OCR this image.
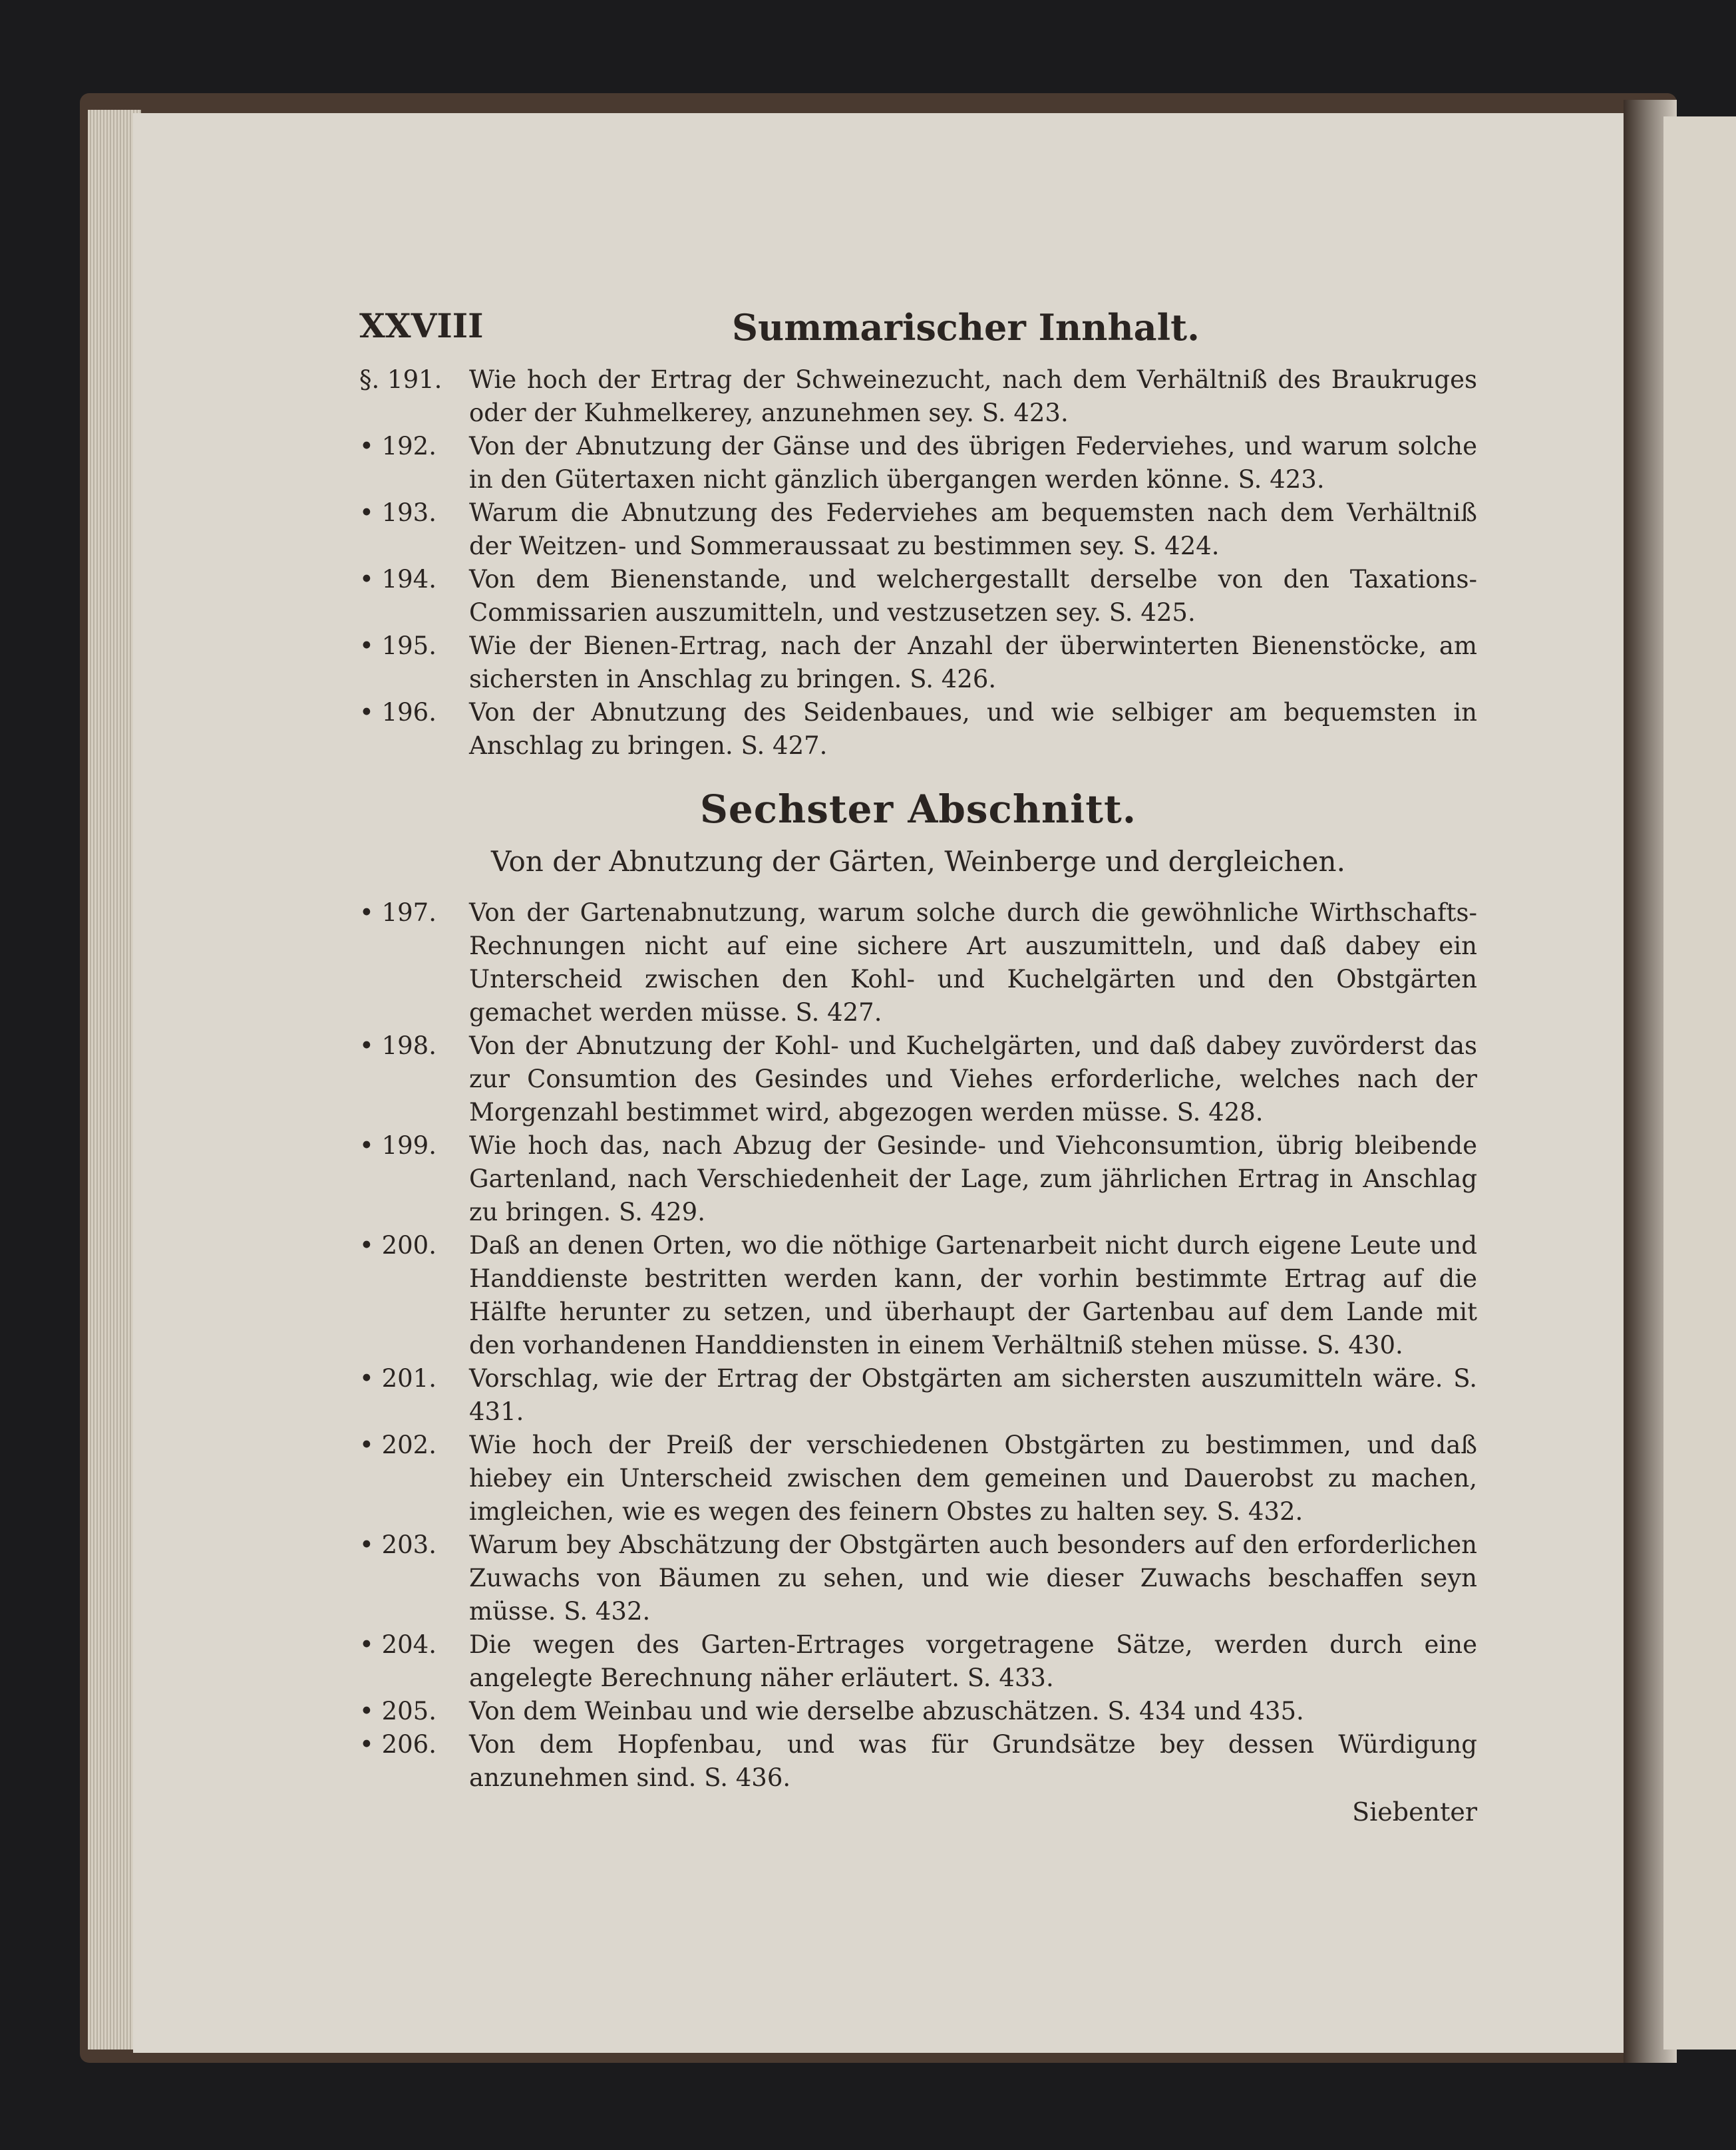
XXVIII	Summarischer Innhalt.
§. 191.	Wie hoch der Ertrag der Schweinezucht, nach dem Verhältniß des Braukruges oder der Kuhmelkerey, anzunehmen sey. S. 423.
• 192.	Von der Abnutzung der Gänse und des übrigen Federviehes, und warum solche in den Gütertaxen nicht gänzlich übergangen werden könne. S. 423.
• 193.	Warum die Abnutzung des Federviehes am bequemsten nach dem Verhältniß der Weitzen- und Sommeraussaat zu bestimmen sey. S. 424.
• 194.	Von dem Bienenstande, und welchergestallt derselbe von den Taxations-Commissarien auszumitteln, und vestzusetzen sey. S. 425.
• 195.	Wie der Bienen-Ertrag, nach der Anzahl der überwinterten Bienenstöcke, am sichersten in Anschlag zu bringen. S. 426.
• 196.	Von der Abnutzung des Seidenbaues, und wie selbiger am bequemsten in Anschlag zu bringen. S. 427.
Sechster Abschnitt.
Von der Abnutzung der Gärten, Weinberge und dergleichen.
• 197.	Von der Gartenabnutzung, warum solche durch die gewöhnliche Wirthschafts-Rechnungen nicht auf eine sichere Art auszumitteln, und daß dabey ein Unterscheid zwischen den Kohl- und Kuchelgärten und den Obstgärten gemachet werden müsse. S. 427.
• 198.	Von der Abnutzung der Kohl- und Kuchelgärten, und daß dabey zuvörderst das zur Consumtion des Gesindes und Viehes erforderliche, welches nach der Morgenzahl bestimmet wird, abgezogen werden müsse. S. 428.
• 199.	Wie hoch das, nach Abzug der Gesinde- und Viehconsumtion, übrig bleibende Gartenland, nach Verschiedenheit der Lage, zum jährlichen Ertrag in Anschlag zu bringen. S. 429.
• 200.	Daß an denen Orten, wo die nöthige Gartenarbeit nicht durch eigene Leute und Handdienste bestritten werden kann, der vorhin bestimmte Ertrag auf die Hälfte herunter zu setzen, und überhaupt der Gartenbau auf dem Lande mit den vorhandenen Handdiensten in einem Verhältniß stehen müsse. S. 430.
• 201.	Vorschlag, wie der Ertrag der Obstgärten am sichersten auszumitteln wäre. S. 431.
• 202.	Wie hoch der Preiß der verschiedenen Obstgärten zu bestimmen, und daß hiebey ein Unterscheid zwischen dem gemeinen und Dauerobst zu machen, imgleichen, wie es wegen des feinern Obstes zu halten sey. S. 432.
• 203.	Warum bey Abschätzung der Obstgärten auch besonders auf den erforderlichen Zuwachs von Bäumen zu sehen, und wie dieser Zuwachs beschaffen seyn müsse. S. 432.
• 204.	Die wegen des Garten-Ertrages vorgetragene Sätze, werden durch eine angelegte Berechnung näher erläutert. S. 433.
• 205.	Von dem Weinbau und wie derselbe abzuschätzen. S. 434 und 435.
• 206.	Von dem Hopfenbau, und was für Grundsätze bey dessen Würdigung anzunehmen sind. S. 436.
Siebenter
